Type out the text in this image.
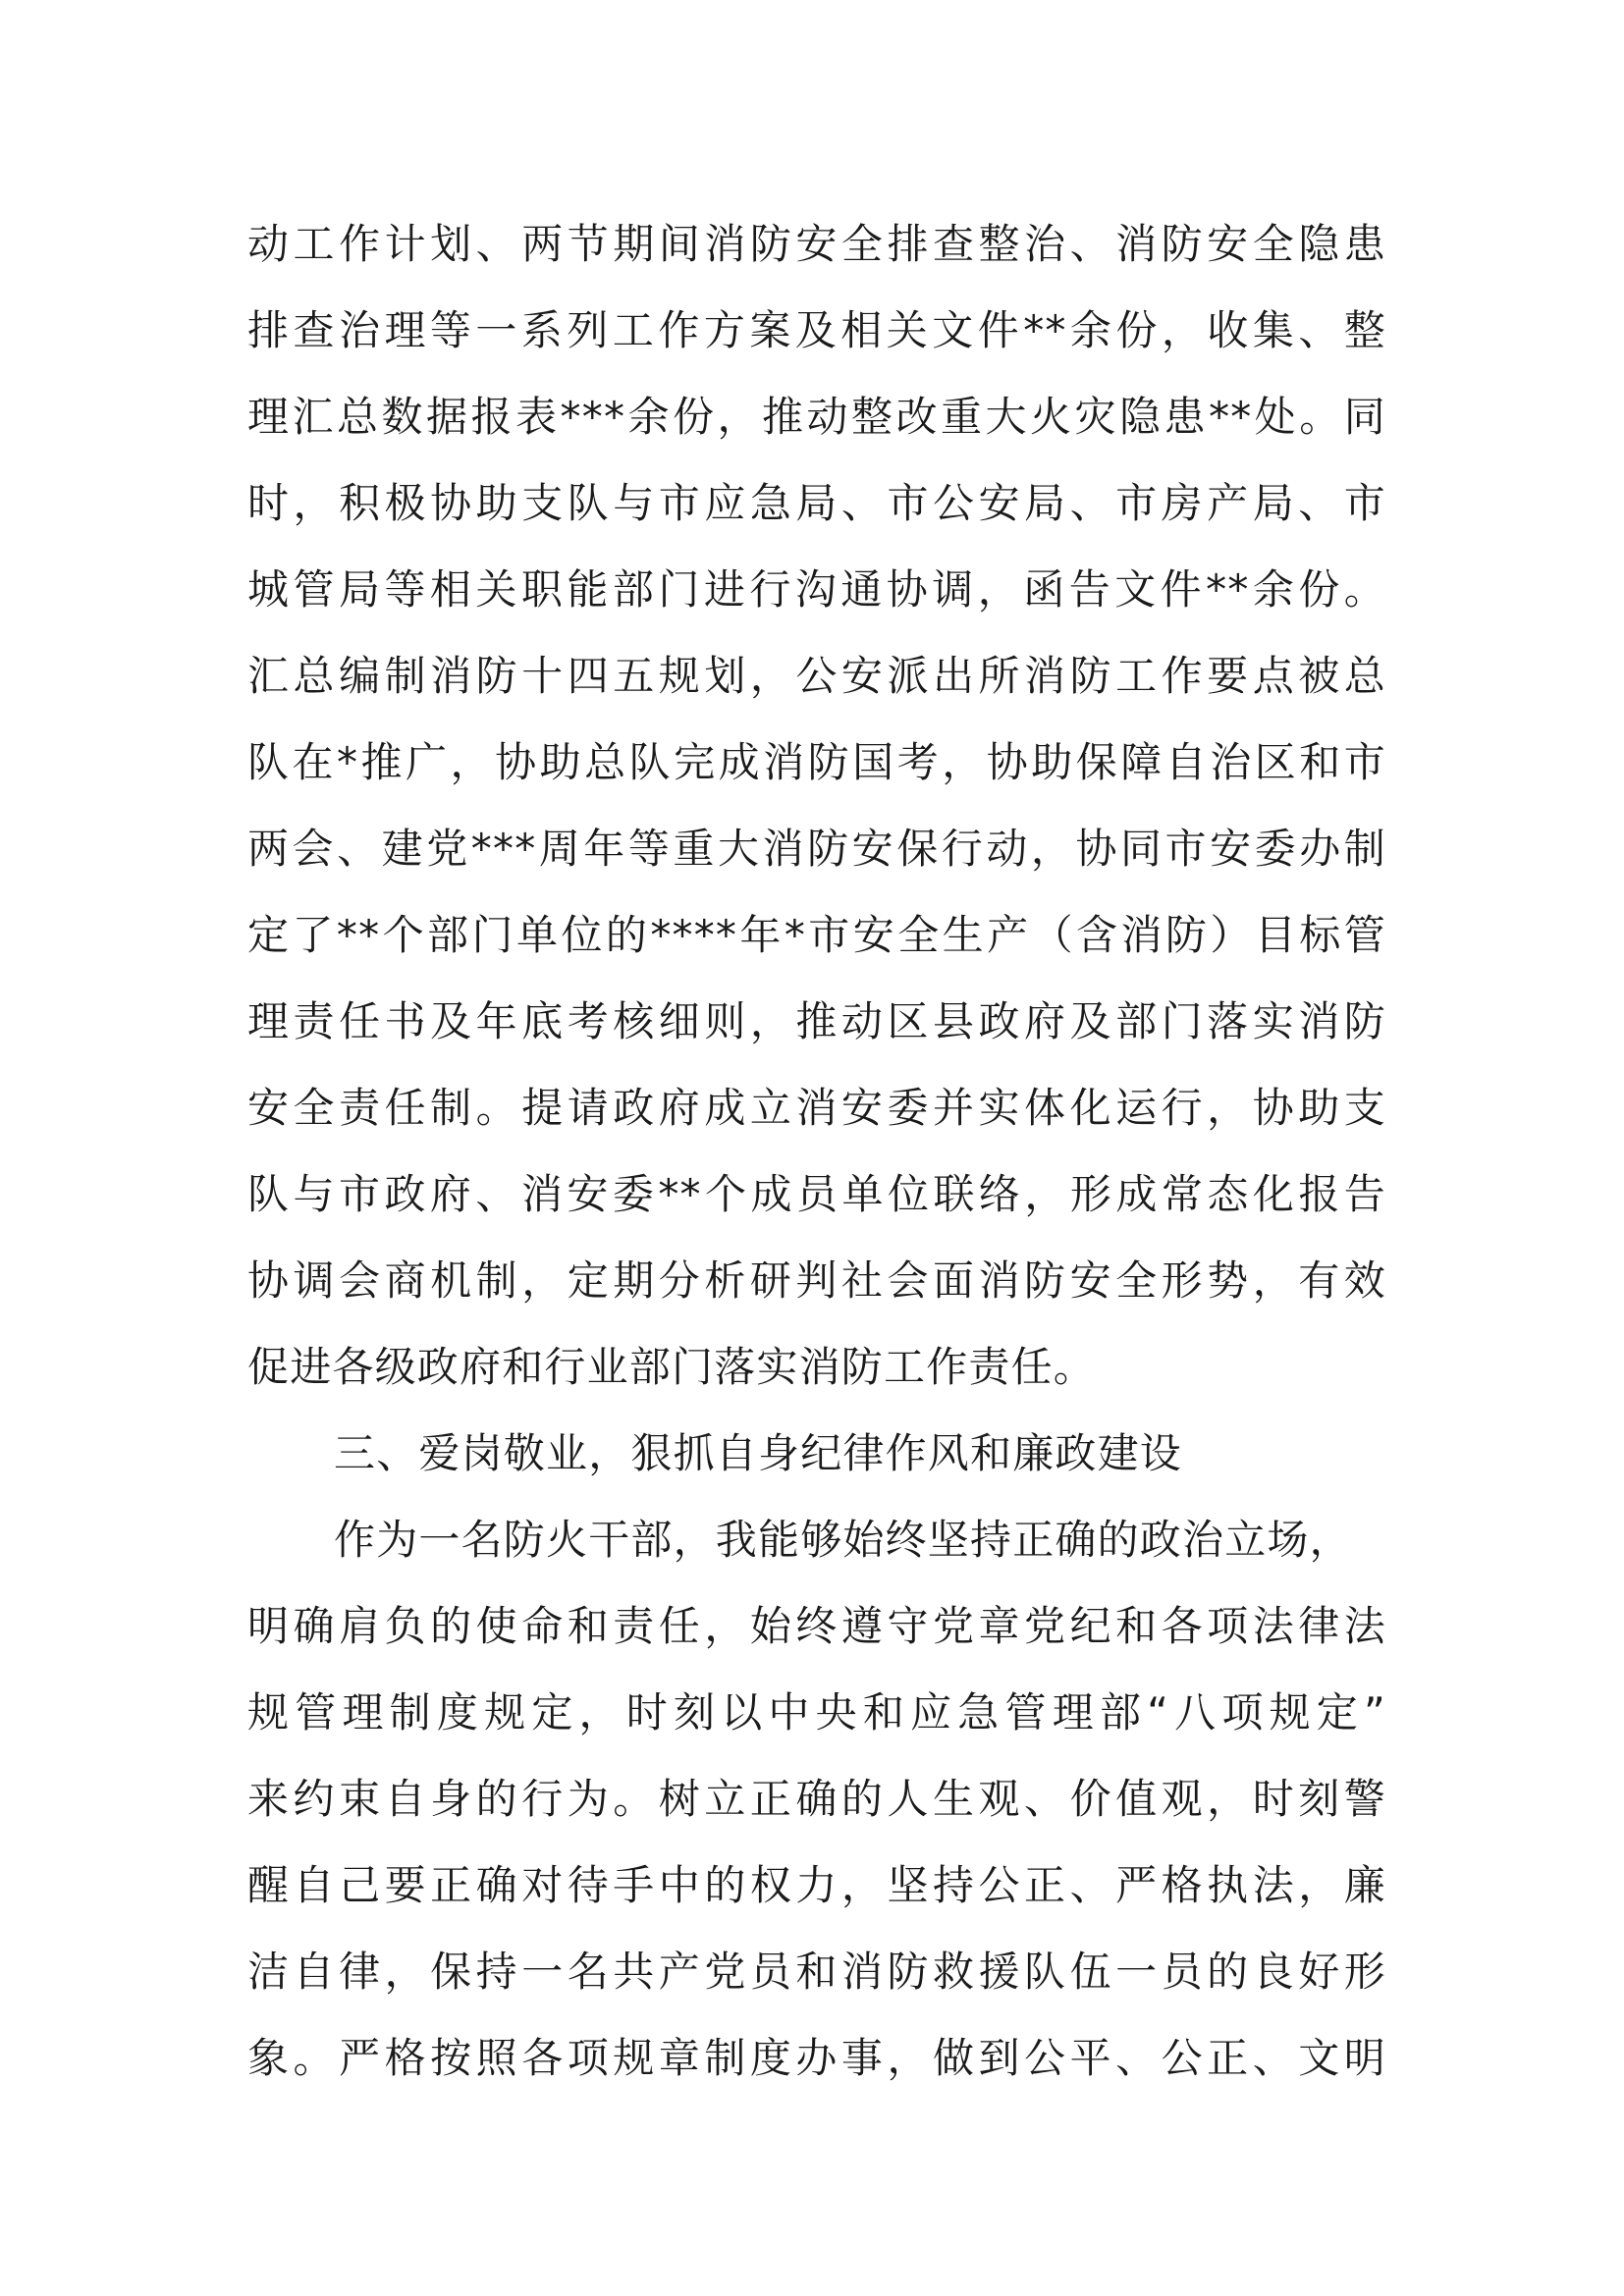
动工作计划、两节期间消防安全排查整治、消防安全隐患
排查治理等一系列工作方案及相关文件**余份，收集、整
理汇总数据报表***余份，推动整改重大火灾隐患**处。同
时，积极协助支队与市应急局、市公安局、市房产局、市
城管局等相关职能部门进行沟通协调，函告文件**余份。
汇总编制消防十四五规划，公安派出所消防工作要点被总
队在*推广，协助总队完成消防国考，协助保障自治区和市
两会、建党***周年等重大消防安保行动，协同市安委办制
定了**个部门单位的****年*市安全生产（含消防）目标管
理责任书及年底考核细则，推动区县政府及部门落实消防
安全责任制。提请政府成立消安委并实体化运行，协助支
队与市政府、消安委**个成员单位联络，形成常态化报告
协调会商机制，定期分析研判社会面消防安全形势，有效
促进各级政府和行业部门落实消防工作责任。
三、爱岗敬业，狠抓自身纪律作风和廉政建设
作为一名防火干部，我能够始终坚持正确的政治立场，
明确肩负的使命和责任，始终遵守党章党纪和各项法律法
规管理制度规定，时刻以中央和应急管理部“八项规定”
来约束自身的行为。树立正确的人生观、价值观，时刻警
醒自己要正确对待手中的权力，坚持公正、严格执法，廉
洁自律，保持一名共产党员和消防救援队伍一员的良好形
象。严格按照各项规章制度办事，做到公平、公正、文明
